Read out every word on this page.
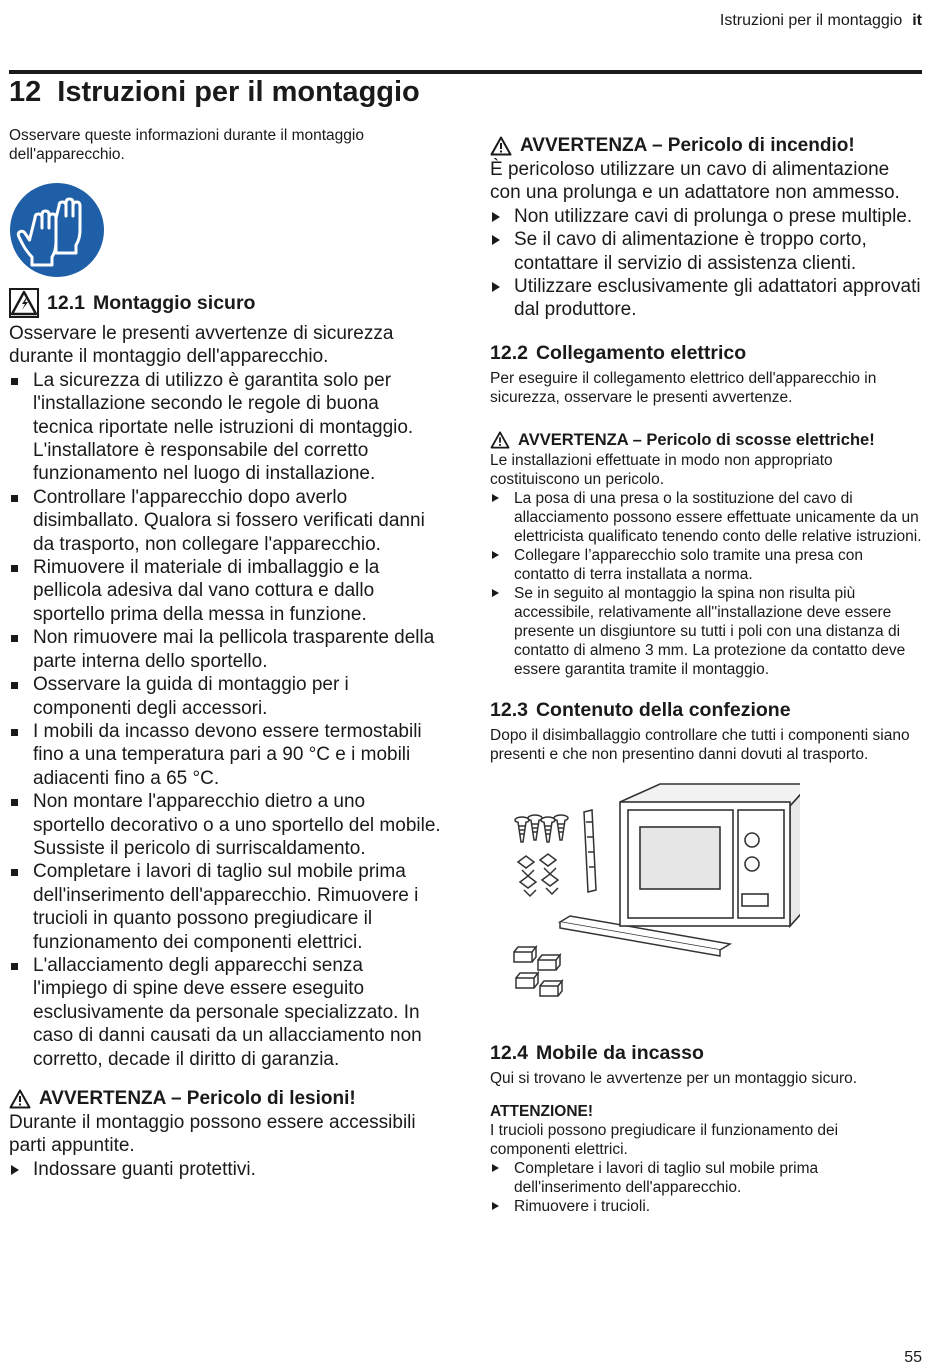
Istruzioni per il montaggio it
12 Istruzioni per il montaggio

Osservare queste informazioni durante il montaggio dell'apparecchio.

12.1 Montaggio sicuro

Osservare le presenti avvertenze di sicurezza durante il montaggio dell'apparecchio.

La sicurezza di utilizzo è garantita solo per l'installazione secondo le regole di buona tecnica riportate nelle istruzioni di montaggio. L'installatore è responsabile del corretto funzionamento nel luogo di installazione.
Controllare l'apparecchio dopo averlo disimballato. Qualora si fossero verificati danni da trasporto, non collegare l'apparecchio.
Rimuovere il materiale di imballaggio e la pellicola adesiva dal vano cottura e dallo sportello prima della messa in funzione.
Non rimuovere mai la pellicola trasparente della parte interna dello sportello.
Osservare la guida di montaggio per i componenti degli accessori.
I mobili da incasso devono essere termostabili fino a una temperatura pari a 90 °C e i mobili adiacenti fino a 65 °C.
Non montare l'apparecchio dietro a uno sportello decorativo o a uno sportello del mobile. Sussiste il pericolo di surriscaldamento.
Completare i lavori di taglio sul mobile prima dell'inserimento dell'apparecchio. Rimuovere i trucioli in quanto possono pregiudicare il funzionamento dei componenti elettrici.
L'allacciamento degli apparecchi senza l'impiego di spine deve essere eseguito esclusivamente da personale specializzato. In caso di danni causati da un allacciamento non corretto, decade il diritto di garanzia.
AVVERTENZA – Pericolo di lesioni!

Durante il montaggio possono essere accessibili parti appuntite.

Indossare guanti protettivi.
AVVERTENZA – Pericolo di incendio!

È pericoloso utilizzare un cavo di alimentazione con una prolunga e un adattatore non ammesso.

Non utilizzare cavi di prolunga o prese multiple.
Se il cavo di alimentazione è troppo corto, contattare il servizio di assistenza clienti.
Utilizzare esclusivamente gli adattatori approvati dal produttore.
12.2 Collegamento elettrico

Per eseguire il collegamento elettrico dell'apparecchio in sicurezza, osservare le presenti avvertenze.

AVVERTENZA – Pericolo di scosse elettriche!

Le installazioni effettuate in modo non appropriato costituiscono un pericolo.

La posa di una presa o la sostituzione del cavo di allacciamento possono essere effettuate unicamente da un elettricista qualificato tenendo conto delle relative istruzioni.
Collegare l’apparecchio solo tramite una presa con contatto di terra installata a norma.
Se in seguito al montaggio la spina non risulta più accessibile, relativamente all''installazione deve essere presente un disgiuntore su tutti i poli con una distanza di contatto di almeno 3 mm. La protezione da contatto deve essere garantita tramite il montaggio.
12.3 Contenuto della confezione

Dopo il disimballaggio controllare che tutti i componenti siano presenti e che non presentino danni dovuti al trasporto.

12.4 Mobile da incasso

Qui si trovano le avvertenze per un montaggio sicuro.

ATTENZIONE!

I trucioli possono pregiudicare il funzionamento dei componenti elettrici.

Completare i lavori di taglio sul mobile prima dell'inserimento dell'apparecchio.
Rimuovere i trucioli.
55
